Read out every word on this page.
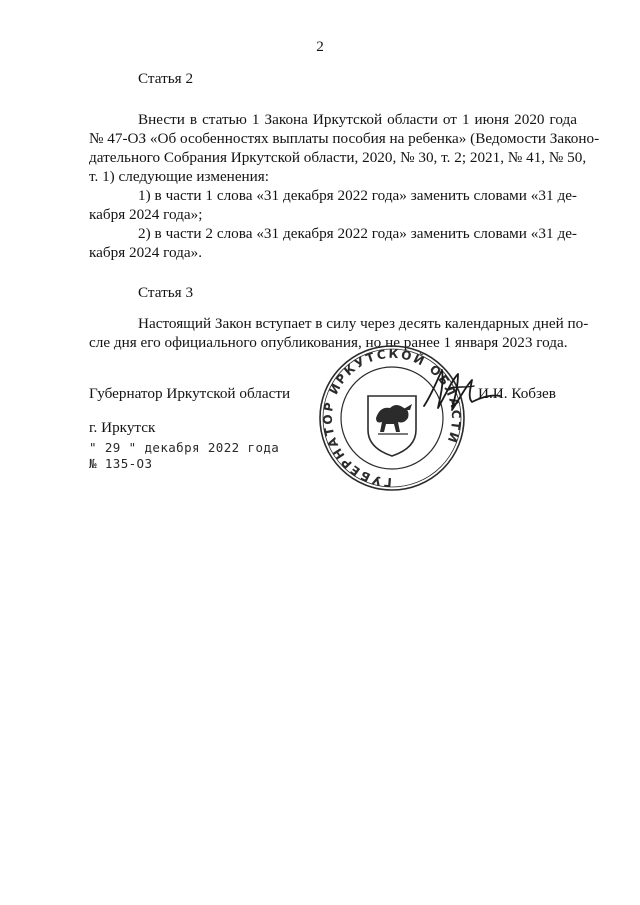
2
Статья 2
Внести в статью 1 Закона Иркутской области от 1 июня 2020 года
№ 47-ОЗ «Об особенностях выплаты пособия на ребенка» (Ведомости Законо-
дательного Собрания Иркутской области, 2020, № 30, т. 2; 2021, № 41, № 50,
т. 1) следующие изменения:
1) в части 1 слова «31 декабря 2022 года» заменить словами «31 де-
кабря 2024 года»;
2) в части 2 слова «31 декабря 2022 года» заменить словами «31 де-
кабря 2024 года».
Статья 3
Настоящий Закон вступает в силу через десять календарных дней по-
сле дня его официального опубликования, но не ранее 1 января 2023 года.
Губернатор Иркутской области	И.И. Кобзев
г. Иркутск
" 29 " декабря 2022 года
№ 135-ОЗ
ГУБЕРНАТОР ИРКУТСКОЙ ОБЛАСТИ
